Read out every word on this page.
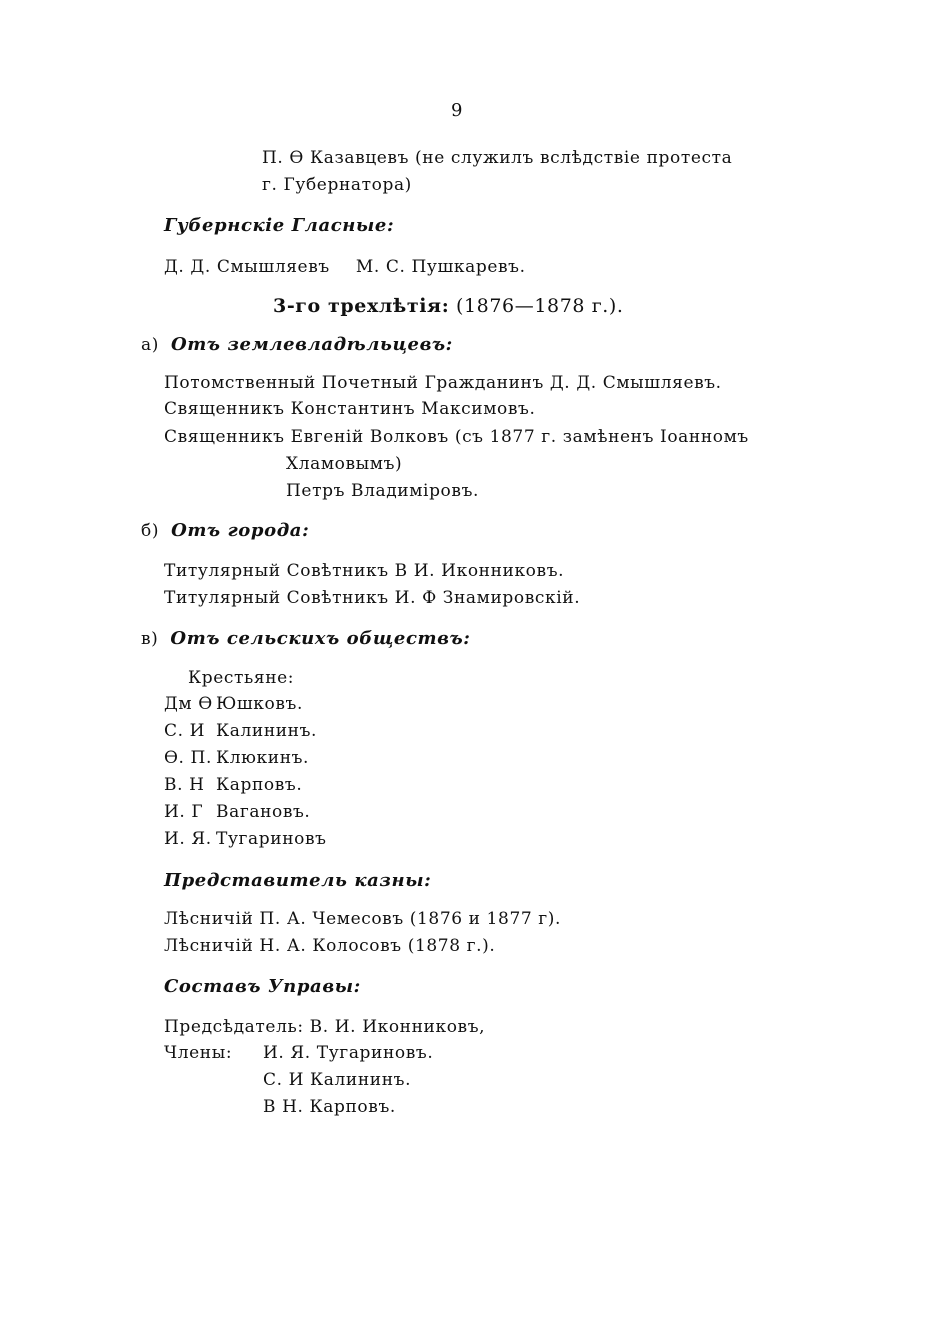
9
П. Ѳ Казавцевъ (не служилъ вслѣдствіе протеста
г. Губернатора)
Губернскіе Гласные:
Д. Д. Смышляевъ М. С. Пушкаревъ.
3-го трехлѣтія: (1876—1878 г.).
а) Отъ землевладѣльцевъ:
Потомственный Почетный Гражданинъ Д. Д. Смышляевъ.
Священникъ Константинъ Максимовъ.
Священникъ Евгеній Волковъ (съ 1877 г. замѣненъ Іоанномъ
Хламовымъ)
Петръ Владиміровъ.
б) Отъ города:
Титулярный Совѣтникъ В И. Иконниковъ.
Титулярный Совѣтникъ И. Ф Знамировскій.
в) Отъ сельскихъ обществъ:
Крестьяне:
Дм Ѳ Юшковъ.
С. И Калининъ.
Ѳ. П. Клюкинъ.
В. Н Карповъ.
И. Г Вагановъ.
И. Я. Тугариновъ
Представитель казны:
Лѣсничій П. А. Чемесовъ (1876 и 1877 г).
Лѣсничій Н. А. Колосовъ (1878 г.).
Составъ Управы:
Предсѣдатель: В. И. Иконниковъ,
Члены: И. Я. Тугариновъ.
С. И Калининъ.
В Н. Карповъ.
